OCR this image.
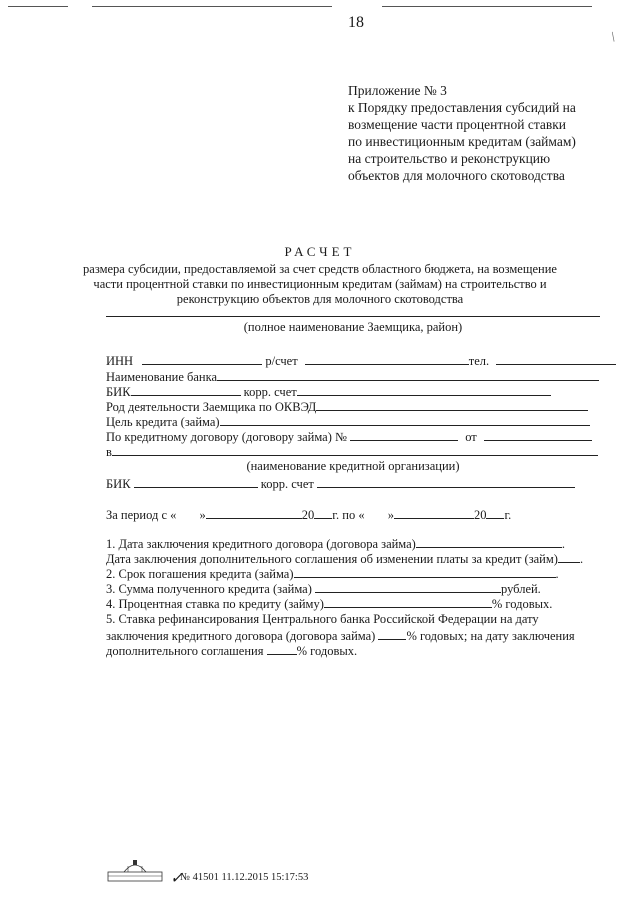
/
18
Приложение № 3
к Порядку предоставления субсидий на
возмещение части процентной ставки
по инвестиционным кредитам (займам)
на строительство и реконструкцию
объектов для молочного скотоводства
РАСЧЕТ
размера субсидии, предоставляемой за счет средств областного бюджета, на возмещение
части процентной ставки по инвестиционным кредитам (займам) на строительство и
реконструкцию объектов для молочного скотоводства
(полное наименование Заемщика, район)
ИНН	р/счет	тел.
Наименование банка
БИК	корр. счет
Род деятельности Заемщика по ОКВЭД
Цель кредита (займа)
По кредитному договору (договору займа) №	от
в
(наименование кредитной организации)
БИК	корр. счет
За период с « »	20 г. по « »	20 г.
1. Дата заключения кредитного договора (договора займа)	.
Дата заключения дополнительного соглашения об изменении платы за кредит (займ) .
2. Срок погашения кредита (займа)	.
3. Сумма полученного кредита (займа)	рублей.
4. Процентная ставка по кредиту (займу)	% годовых.
5. Ставка рефинансирования Центрального банка Российской Федерации на дату
заключения кредитного договора (договора займа) % годовых; на дату заключения
дополнительного соглашения	% годовых.
✓
№ 41501 11.12.2015 15:17:53
